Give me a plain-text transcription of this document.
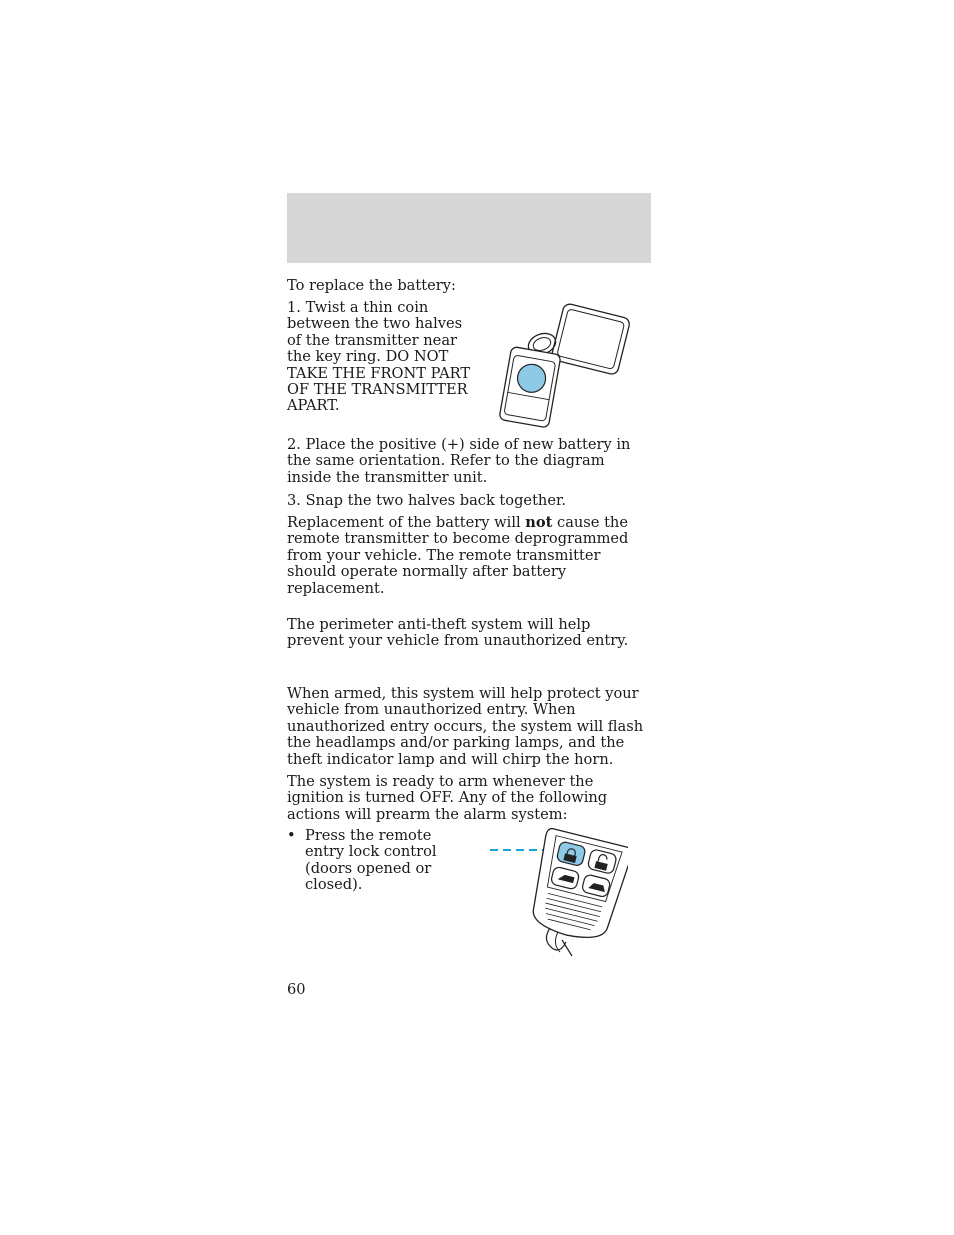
To replace the battery:

1. Twist a thin coin between the two halves of the transmitter near the key ring. DO NOT TAKE THE FRONT PART OF THE TRANSMITTER APART.

2. Place the positive (+) side of new battery in the same orientation. Refer to the diagram inside the transmitter unit.

3. Snap the two halves back together.

Replacement of the battery will not cause the remote transmitter to become deprogrammed from your vehicle. The remote transmitter should operate normally after battery replacement.

The perimeter anti-theft system will help prevent your vehicle from unauthorized entry.

When armed, this system will help protect your vehicle from unauthorized entry. When unauthorized entry occurs, the system will flash the headlamps and/or parking lamps, and the theft indicator lamp and will chirp the horn.

The system is ready to arm whenever the ignition is turned OFF. Any of the following actions will prearm the alarm system:

• Press the remote entry lock control (doors opened or closed).
60
